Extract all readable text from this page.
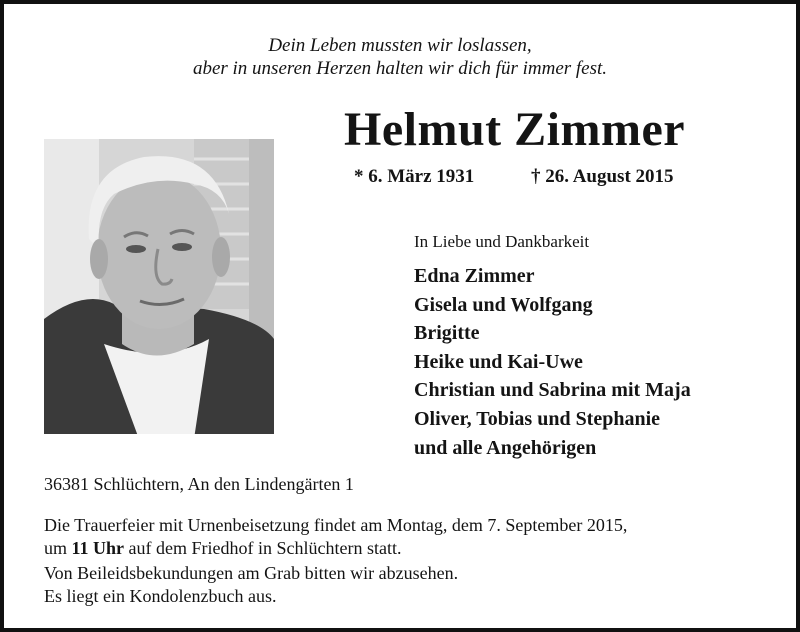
Dein Leben mussten wir loslassen,
aber in unseren Herzen halten wir dich für immer fest.
Helmut Zimmer
* 6. März 1931	† 26. August 2015
In Liebe und Dankbarkeit
Edna Zimmer
Gisela und Wolfgang
Brigitte
Heike und Kai-Uwe
Christian und Sabrina mit Maja
Oliver, Tobias und Stephanie
und alle Angehörigen
36381 Schlüchtern, An den Lindengärten 1
Die Trauerfeier mit Urnenbeisetzung findet am Montag, dem 7. September 2015,
um 11 Uhr auf dem Friedhof in Schlüchtern statt.
Von Beileidsbekundungen am Grab bitten wir abzusehen.
Es liegt ein Kondolenzbuch aus.
